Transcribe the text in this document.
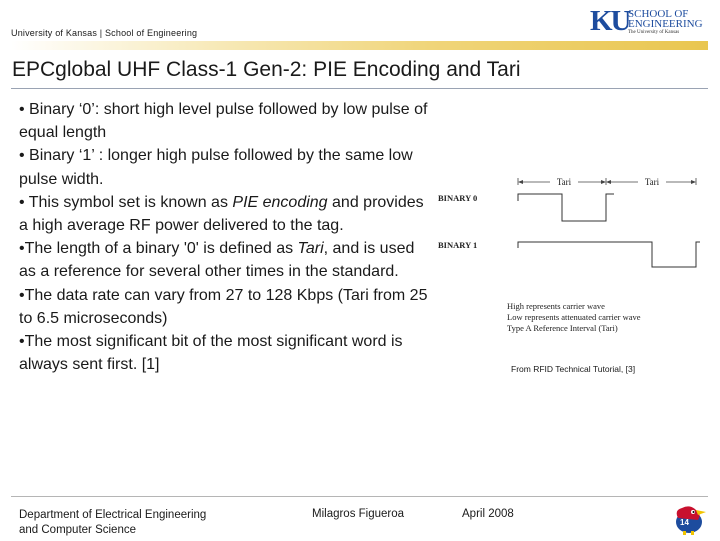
University of Kansas | School of Engineering	KU
SCHOOL OF
ENGINEERING
The University of Kansas
EPCglobal UHF Class-1 Gen-2: PIE Encoding and Tari

• Binary ‘0’: short high level pulse followed by low pulse of equal length

• Binary ‘1’ : longer high pulse followed by the same low pulse width.

• This symbol set is known as PIE encoding and provides a high average RF power delivered to the tag.

•The length of a binary '0' is defined as Tari, and is used as a reference for several other times in the standard.

•The data rate can vary from 27 to 128 Kbps (Tari from 25 to 6.5 microseconds)

•The most significant bit of the most significant word is always sent first. [1]

Tari	Tari
BINARY 0
BINARY 1
High represents carrier wave
Low represents attenuated carrier wave
Type A Reference Interval (Tari)
From RFID Technical Tutorial, [3]
Department of Electrical Engineering
and Computer Science
Milagros Figueroa	April 2008
14
